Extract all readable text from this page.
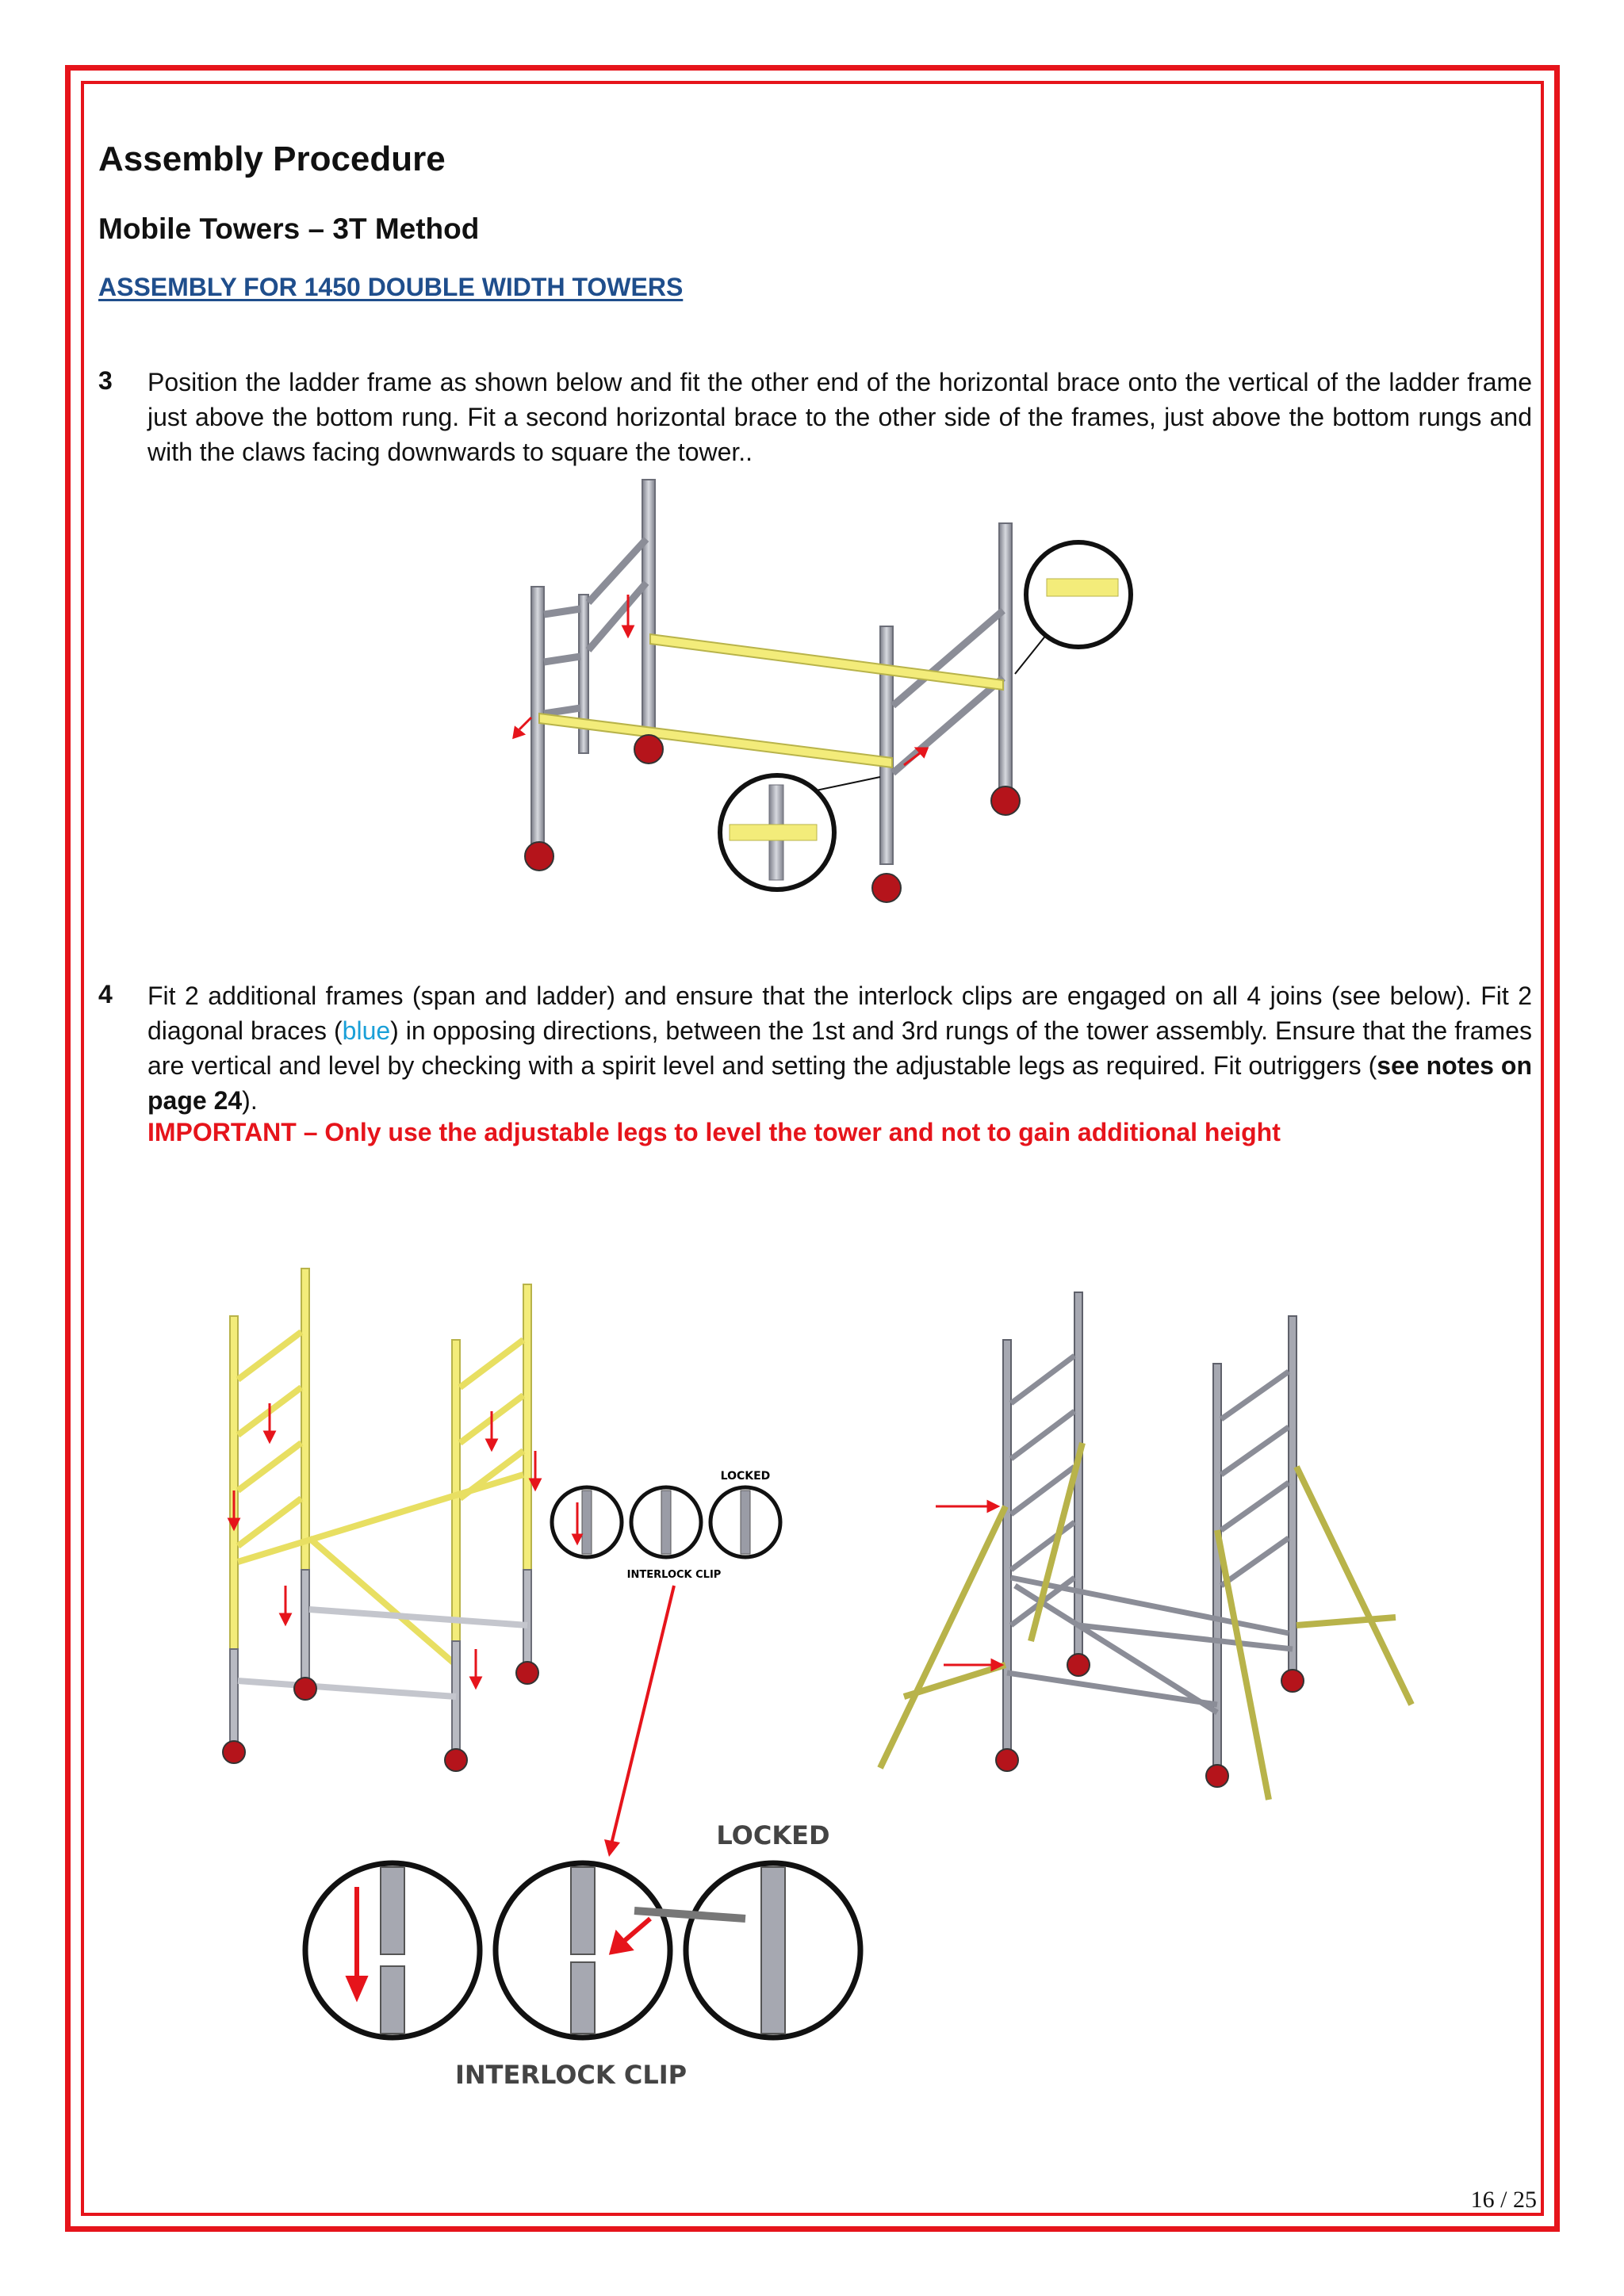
Assembly Procedure
Mobile Towers – 3T Method
ASSEMBLY FOR 1450 DOUBLE WIDTH TOWERS
3 Position the ladder frame as shown below and fit the other end of the horizontal brace onto the vertical of the ladder frame just above the bottom rung. Fit a second horizontal brace to the other side of the frames, just above the bottom rungs and with the claws facing downwards to square the tower..

4 Fit 2 additional frames (span and ladder) and ensure that the interlock clips are engaged on all 4 joins (see below). Fit 2 diagonal braces (blue) in opposing directions, between the 1st and 3rd rungs of the tower assembly. Ensure that the frames are vertical and level by checking with a spirit level and setting the adjustable legs as required. Fit outriggers (see notes on page 24).

IMPORTANT – Only use the adjustable legs to level the tower and not to gain additional height
LOCKED
INTERLOCK CLIP
LOCKED
INTERLOCK CLIP
16 / 25
